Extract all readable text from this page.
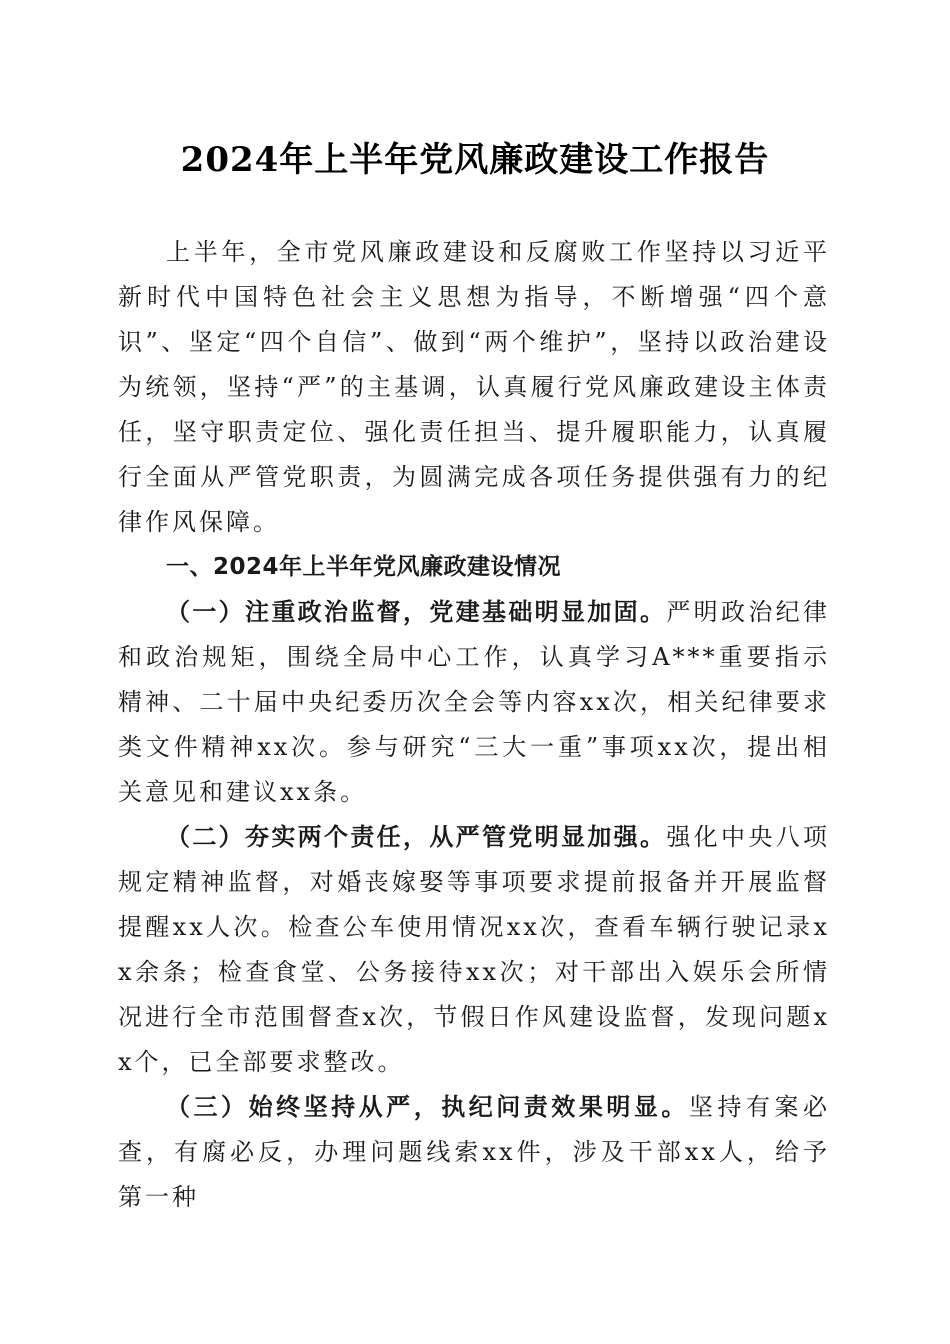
2024年上半年党风廉政建设工作报告

上半年，全市党风廉政建设和反腐败工作坚持以习近平新时代中国特色社会主义思想为指导，不断增强“四个意识”、坚定“四个自信”、做到“两个维护”，坚持以政治建设为统领，坚持“严”的主基调，认真履行党风廉政建设主体责任，坚守职责定位、强化责任担当、提升履职能力，认真履行全面从严管党职责，为圆满完成各项任务提供强有力的纪律作风保障。

一、2024年上半年党风廉政建设情况

（一）注重政治监督，党建基础明显加固。严明政治纪律和政治规矩，围绕全局中心工作，认真学习A***重要指示精神、二十届中央纪委历次全会等内容xx次，相关纪律要求类文件精神xx次。参与研究“三大一重”事项xx次，提出相关意见和建议xx条。

（二）夯实两个责任，从严管党明显加强。强化中央八项规定精神监督，对婚丧嫁娶等事项要求提前报备并开展监督提醒xx人次。检查公车使用情况xx次，查看车辆行驶记录xx余条；检查食堂、公务接待xx次；对干部出入娱乐会所情况进行全市范围督查x次，节假日作风建设监督，发现问题xx个，已全部要求整改。

（三）始终坚持从严，执纪问责效果明显。坚持有案必查，有腐必反，办理问题线索xx件，涉及干部xx人，给予第一种
